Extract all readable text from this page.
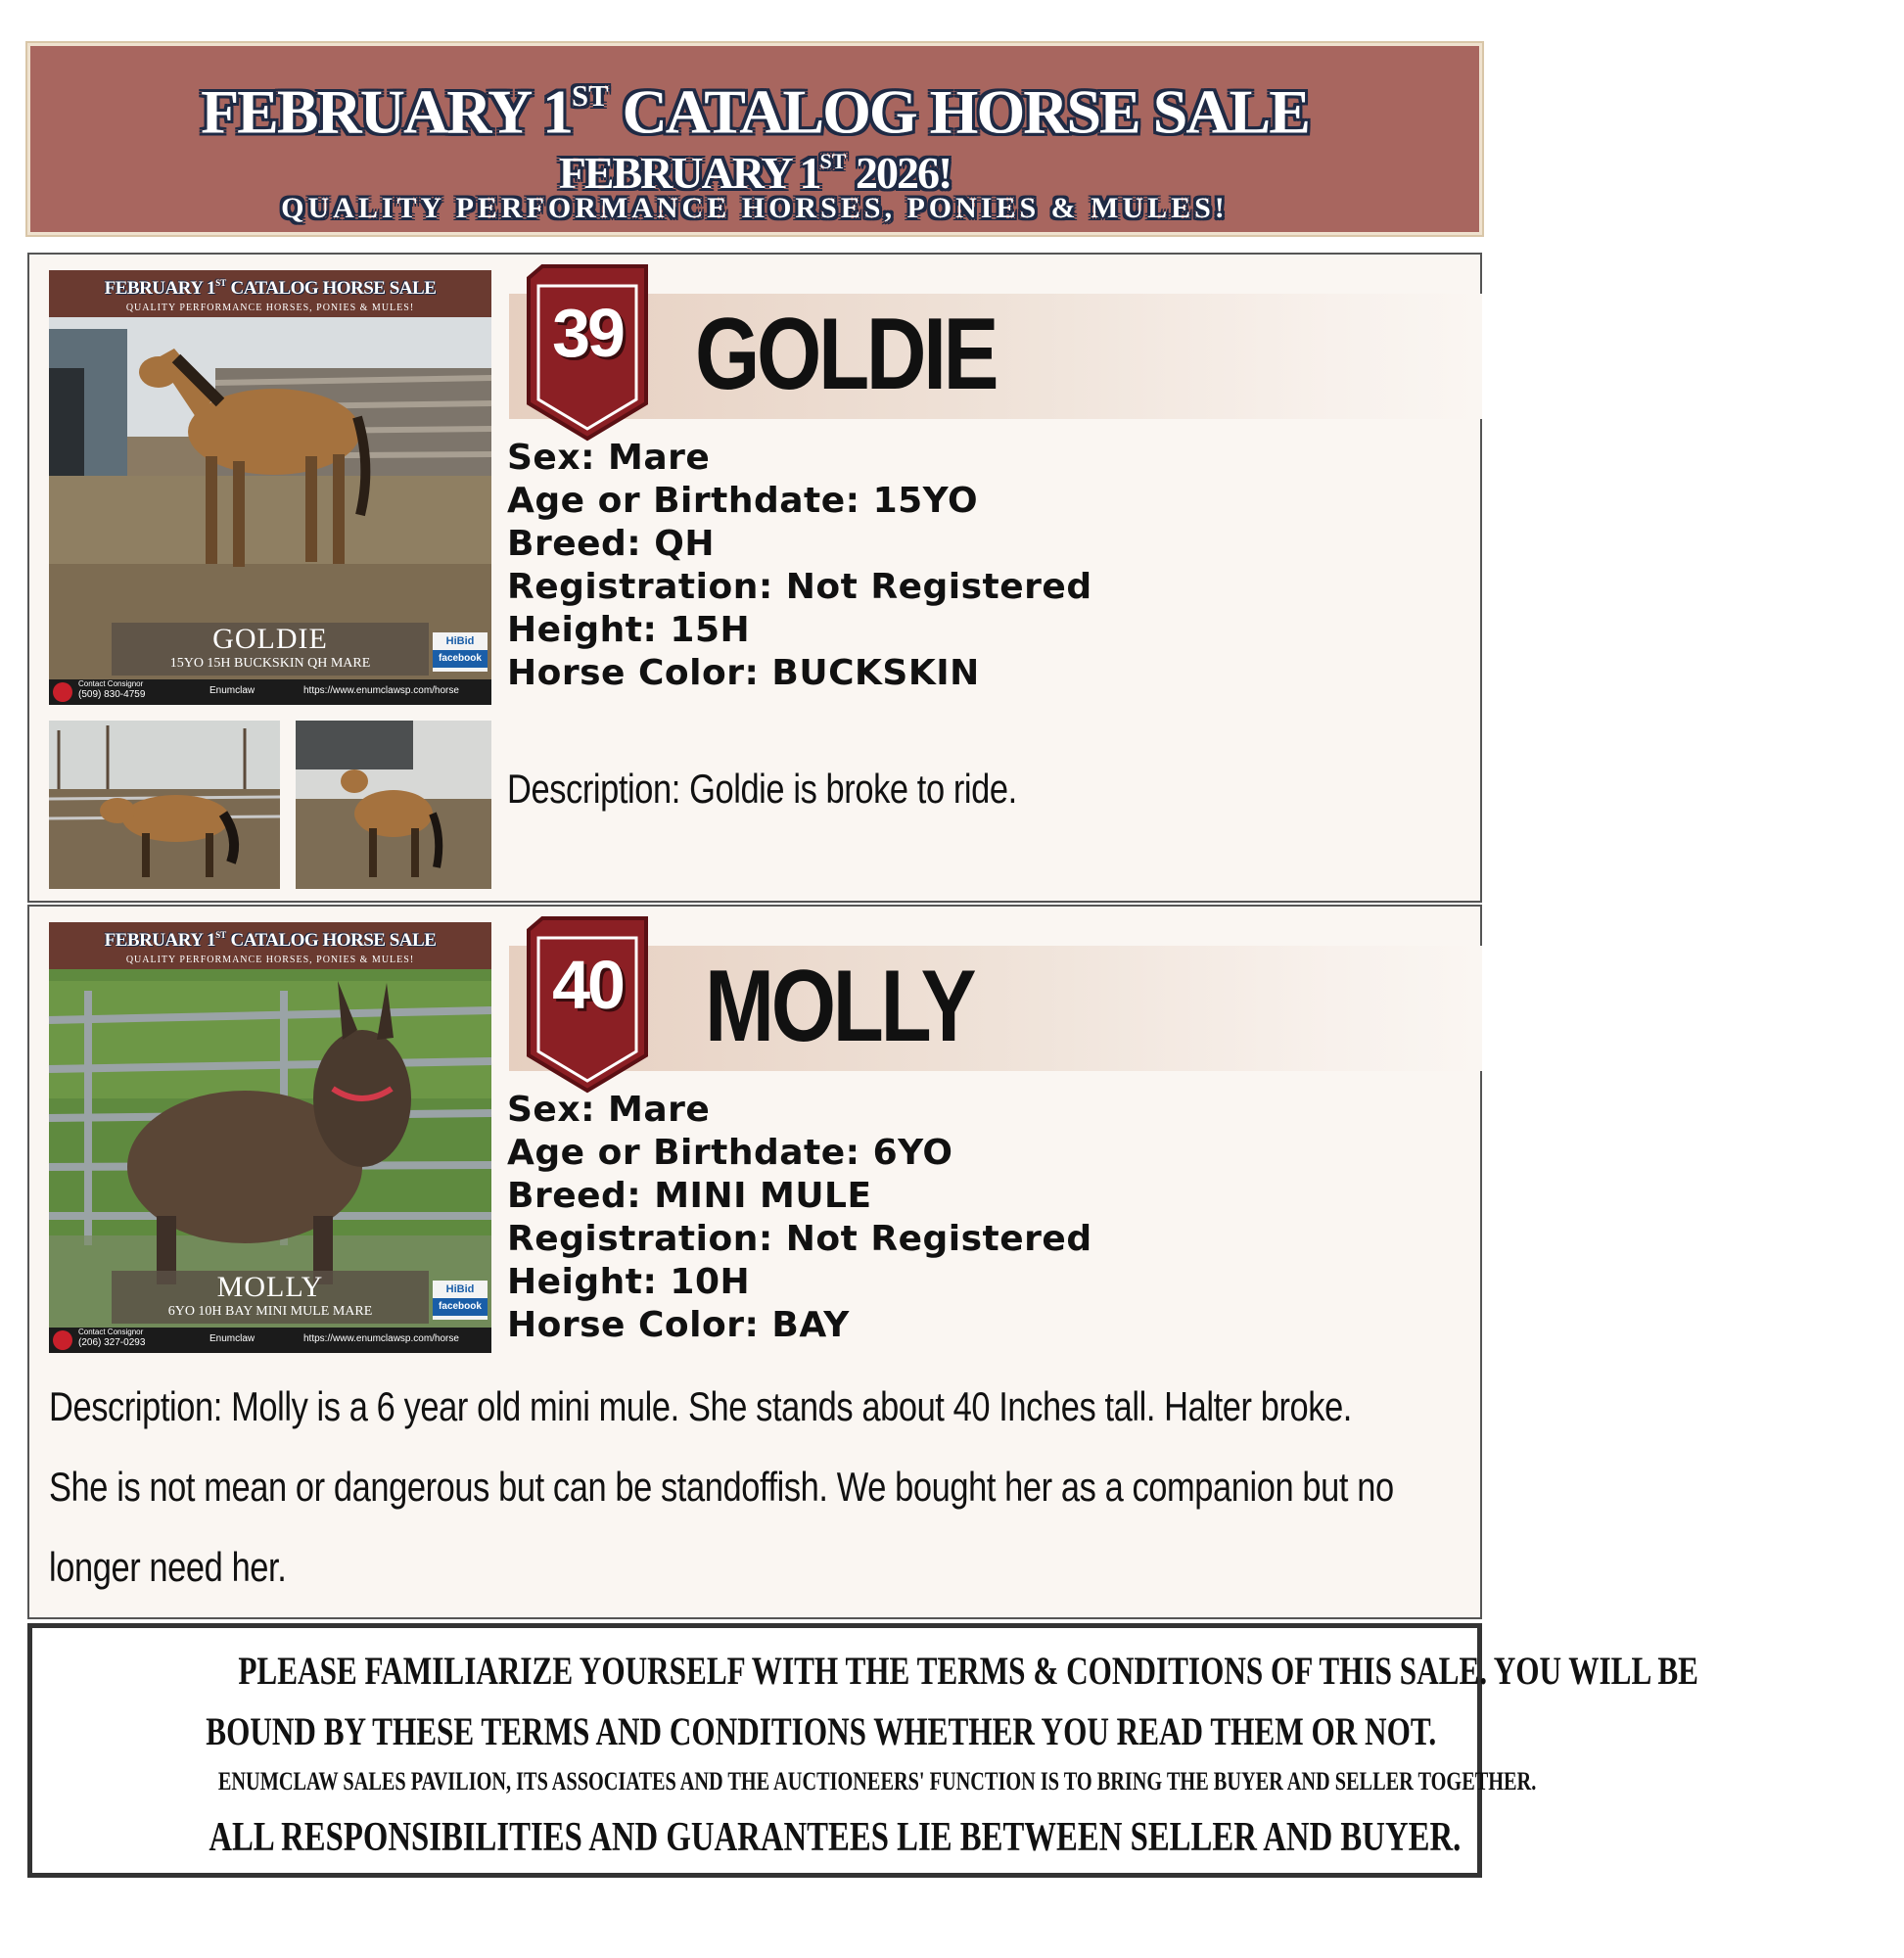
FEBRUARY 1ST CATALOG HORSE SALE
FEBRUARY 1ST 2026!
QUALITY PERFORMANCE HORSES, PONIES & MULES!
FEBRUARY 1ST CATALOG HORSE SALE
QUALITY PERFORMANCE HORSES, PONIES & MULES!
GOLDIE
15YO 15H BUCKSKIN QH MARE
HiBid
facebook
(509) 830-4759
Contact Consignor
Enumclaw	https://www.enumclawsp.com/horse
39 GOLDIE
Sex: Mare
Age or Birthdate: 15YO
Breed: QH
Registration: Not Registered
Height: 15H
Horse Color: BUCKSKIN
Description: Goldie is broke to ride.
FEBRUARY 1ST CATALOG HORSE SALE
QUALITY PERFORMANCE HORSES, PONIES & MULES!
MOLLY
6YO 10H BAY MINI MULE MARE
HiBid
facebook
(206) 327-0293
Contact Consignor
Enumclaw	https://www.enumclawsp.com/horse
40 MOLLY
Sex: Mare
Age or Birthdate: 6YO
Breed: MINI MULE
Registration: Not Registered
Height: 10H
Horse Color: BAY
Description: Molly is a 6 year old mini mule. She stands about 40 Inches tall. Halter broke.
She is not mean or dangerous but can be standoffish. We bought her as a companion but no
longer need her.
PLEASE FAMILIARIZE YOURSELF WITH THE TERMS & CONDITIONS OF THIS SALE. YOU WILL BE
BOUND BY THESE TERMS AND CONDITIONS WHETHER YOU READ THEM OR NOT.
ENUMCLAW SALES PAVILION, ITS ASSOCIATES AND THE AUCTIONEERS' FUNCTION IS TO BRING THE BUYER AND SELLER TOGETHER.
ALL RESPONSIBILITIES AND GUARANTEES LIE BETWEEN SELLER AND BUYER.
